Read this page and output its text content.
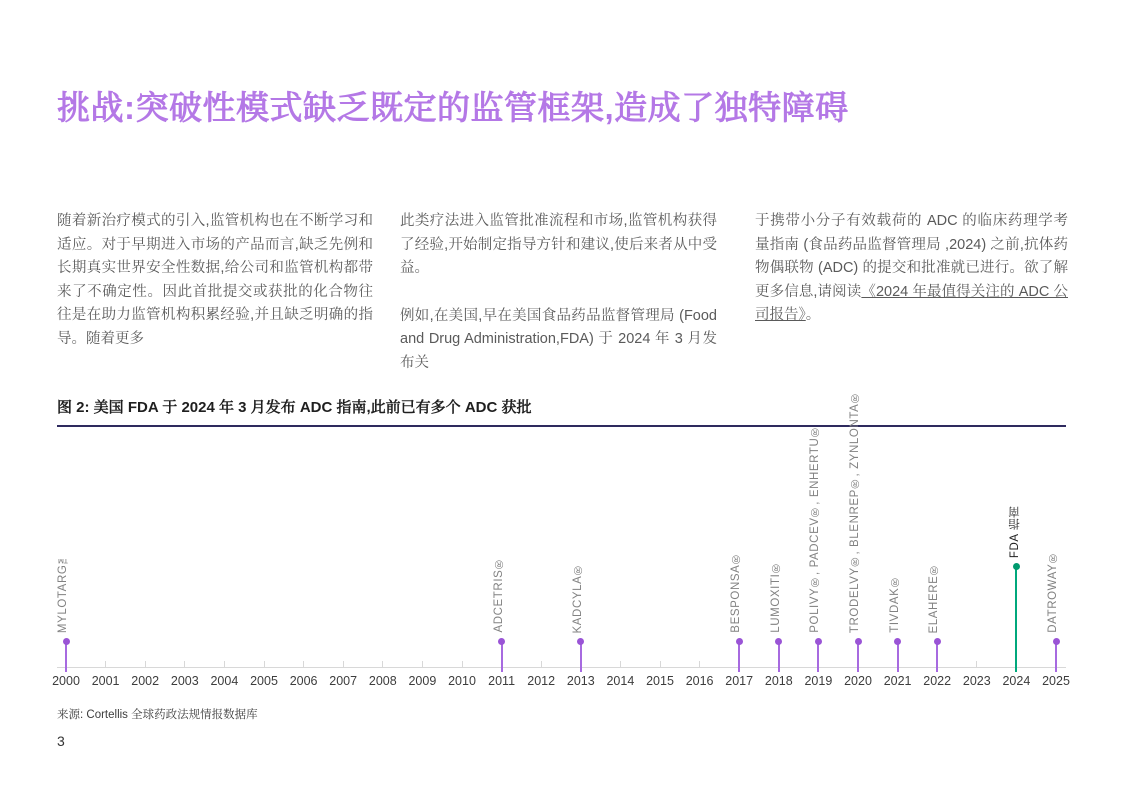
挑战:突破性模式缺乏既定的监管框架,造成了独特障碍

随着新治疗模式的引入,监管机构也在不断学习和适应。对于早期进入市场的产品而言,缺乏先例和长期真实世界安全性数据,给公司和监管机构都带来了不确定性。因此首批提交或获批的化合物往往是在助力监管机构积累经验,并且缺乏明确的指导。随着更多

此类疗法进入监管批准流程和市场,监管机构获得了经验,开始制定指导方针和建议,使后来者从中受益。

例如,在美国,早在美国食品药品监督管理局 (Food and Drug Administration,FDA) 于 2024 年 3 月发布关

于携带小分子有效载荷的 ADC 的临床药理学考量指南 (食品药品监督管理局 ,2024) 之前,抗体药物偶联物 (ADC) 的提交和批准就已进行。欲了解更多信息,请阅读《2024 年最值得关注的 ADC 公司报告》。

图 2: 美国 FDA 于 2024 年 3 月发布 ADC 指南,此前已有多个 ADC 获批
2000 2001 2002 2003 2004 2005 2006 2007 2008 2009 2010 2011 2012 2013 2014 2015 2016 2017 2018 2019 2020 2021 2022 2023 2024 2025
MYLOTARG™	ADCETRIS®	KADCYLA®	BESPONSA® LUMOXITI® POLIVY®, PADCEV®, ENHERTU® TRODELVY®, BLENREP®, ZYNLONTA® TIVDAK® ELAHERE®
FDA 指南
DATROWAY®
来源: Cortellis 全球药政法规情报数据库
3
